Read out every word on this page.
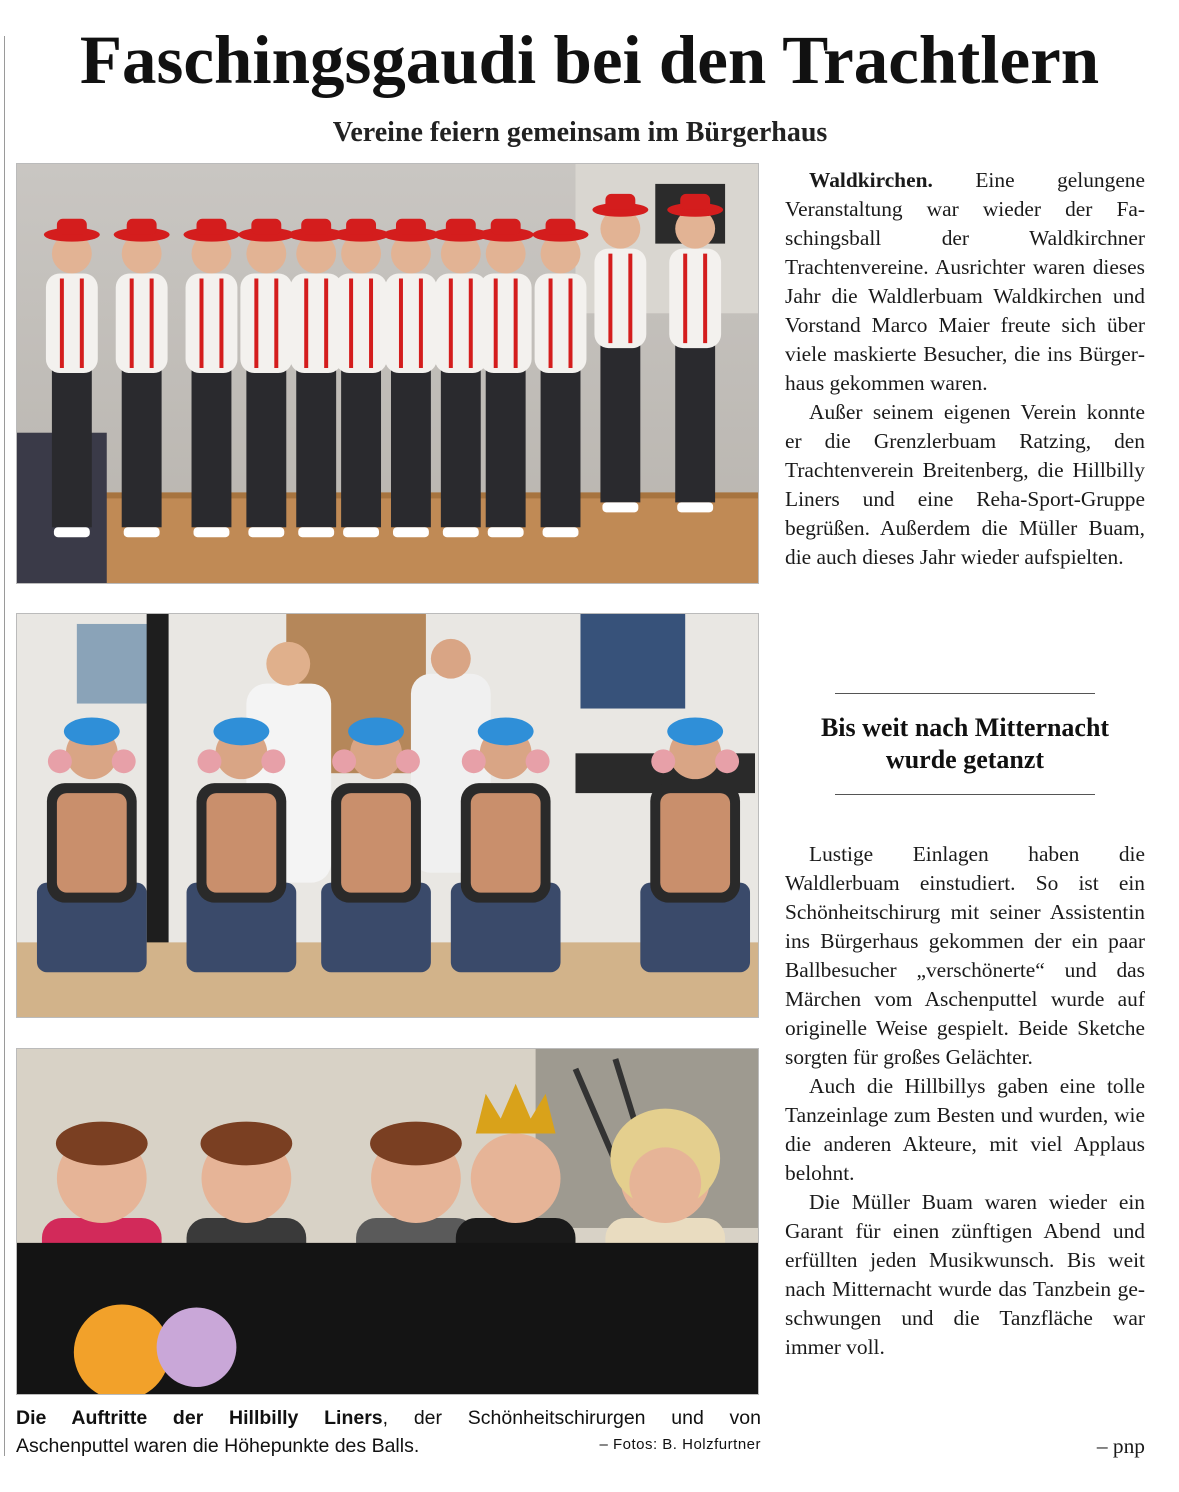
Faschingsgaudi bei den Trachtlern
Vereine feiern gemeinsam im Bürgerhaus
Die Auftritte der Hillbilly Liners, der Schönheitschirurgen und von
Aschenputtel waren die Höhepunkte des Balls.	– Fotos: B. Holzfurtner

Waldkirchen. Eine gelungene Veranstaltung war wieder der Faschingsball der Waldkirchner Trachtenvereine. Ausrichter waren dieses Jahr die Waldlerbuam Waldkirchen und Vorstand Marco Maier freute sich über viele maskierte Besucher, die ins Bürgerhaus gekommen waren.

Außer seinem eigenen Verein konnte er die Grenzlerbuam Ratzing, den Trachtenverein Breitenberg, die Hillbilly Liners und eine Reha-Sport-Gruppe begrüßen. Außerdem die Müller Buam, die auch dieses Jahr wieder aufspielten.

Bis weit nach Mitternacht wurde getanzt

Lustige Einlagen haben die Waldlerbuam einstudiert. So ist ein Schönheitschirurg mit seiner Assistentin ins Bürgerhaus gekommen der ein paar Ballbesucher „verschönerte“ und das Märchen vom Aschenputtel wurde auf originelle Weise gespielt. Beide Sketche sorgten für großes Gelächter.

Auch die Hillbillys gaben eine tolle Tanzeinlage zum Besten und wurden, wie die anderen Akteure, mit viel Applaus belohnt.

Die Müller Buam waren wieder ein Garant für einen zünftigen Abend und erfüllten jeden Musikwunsch. Bis weit nach Mitternacht wurde das Tanzbein geschwungen und die Tanzfläche war immer voll.

– pnp
